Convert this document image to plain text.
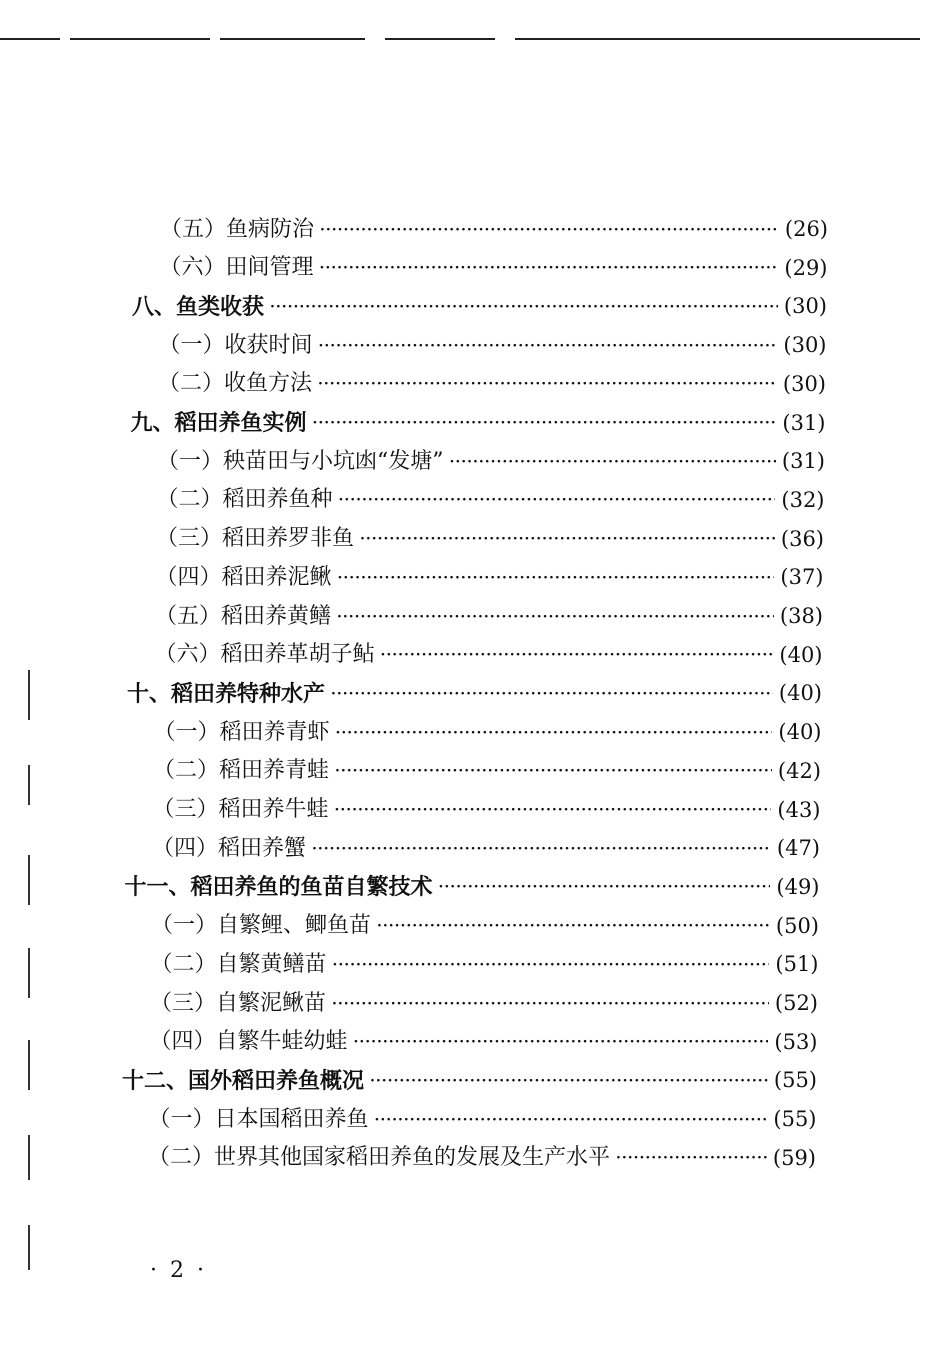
（五）鱼病防治 ·····	(26)
（六）田间管理 ·····	(29)
八、鱼类收获 ·····	(30)
（一）收获时间 ·····	(30)
（二）收鱼方法 ·····	(30)
九、稻田养鱼实例 ·····	(31)
（一）秧苗田与小坑凼“发塘” ·····	(31)
（二）稻田养鱼种 ·····	(32)
（三）稻田养罗非鱼 ·····	(36)
（四）稻田养泥鳅 ·····	(37)
（五）稻田养黄鳝 ·····	(38)
（六）稻田养革胡子鲇 ·····	(40)
十、稻田养特种水产 ·····	(40)
（一）稻田养青虾 ·····	(40)
（二）稻田养青蛙 ·····	(42)
（三）稻田养牛蛙 ·····	(43)
（四）稻田养蟹 ·····	(47)
十一、稻田养鱼的鱼苗自繁技术 ·····	(49)
（一）自繁鲤、鲫鱼苗 ·····	(50)
（二）自繁黄鳝苗 ·····	(51)
（三）自繁泥鳅苗 ·····	(52)
（四）自繁牛蛙幼蛙 ·····	(53)
十二、国外稻田养鱼概况 ·····	(55)
（一）日本国稻田养鱼 ·····	(55)
（二）世界其他国家稻田养鱼的发展及生产水平 ·····	(59)
· 2 ·
